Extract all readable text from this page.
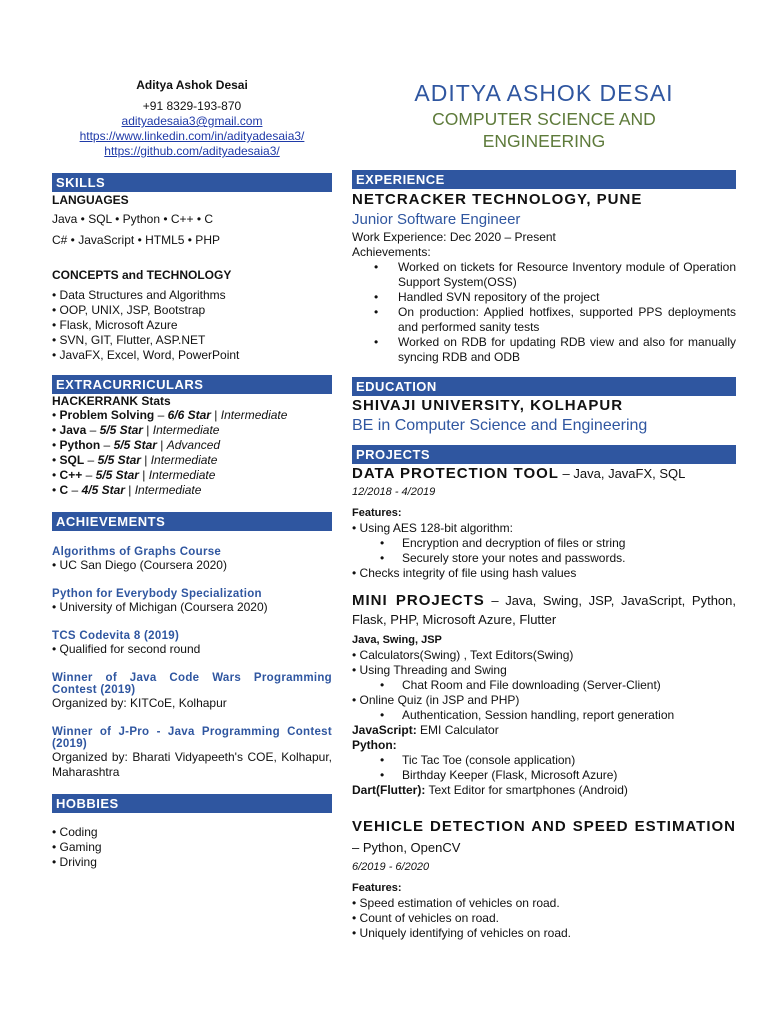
Aditya Ashok Desai
+91 8329-193-870
adityadesaia3@gmail.com
https://www.linkedin.com/in/adityadesaia3/
https://github.com/adityadesaia3/
SKILLS
LANGUAGES
Java • SQL • Python • C++ • C
C# • JavaScript • HTML5 • PHP
CONCEPTS and TECHNOLOGY
• Data Structures and Algorithms
• OOP, UNIX, JSP, Bootstrap
• Flask, Microsoft Azure
• SVN, GIT, Flutter, ASP.NET
• JavaFX, Excel, Word, PowerPoint
EXTRACURRICULARS
HACKERRANK Stats
• Problem Solving – 6/6 Star | Intermediate
• Java – 5/5 Star | Intermediate
• Python – 5/5 Star | Advanced
• SQL – 5/5 Star | Intermediate
• C++ – 5/5 Star | Intermediate
• C – 4/5 Star | Intermediate
ACHIEVEMENTS
Algorithms of Graphs Course
• UC San Diego (Coursera 2020)
Python for Everybody Specialization
• University of Michigan (Coursera 2020)
TCS Codevita 8 (2019)
• Qualified for second round
Winner of Java Code Wars Programming Contest (2019)
Organized by: KITCoE, Kolhapur
Winner of J-Pro - Java Programming Contest (2019)
Organized by: Bharati Vidyapeeth's COE, Kolhapur, Maharashtra
HOBBIES
• Coding
• Gaming
• Driving
ADITYA ASHOK DESAI
COMPUTER SCIENCE AND
ENGINEERING
EXPERIENCE
NETCRACKER TECHNOLOGY, PUNE
Junior Software Engineer
Work Experience: Dec 2020 – Present
Achievements:
• Worked on tickets for Resource Inventory module of Operation Support System(OSS)
• Handled SVN repository of the project
• On production: Applied hotfixes, supported PPS deployments and performed sanity tests
• Worked on RDB for updating RDB view and also for manually syncing RDB and ODB
EDUCATION
SHIVAJI UNIVERSITY, KOLHAPUR
BE in Computer Science and Engineering
PROJECTS
DATA PROTECTION TOOL – Java, JavaFX, SQL
12/2018 - 4/2019
Features:
• Using AES 128-bit algorithm:
• Encryption and decryption of files or string
• Securely store your notes and passwords.
• Checks integrity of file using hash values
MINI PROJECTS – Java, Swing, JSP, JavaScript, Python, Flask, PHP, Microsoft Azure, Flutter
Java, Swing, JSP
• Calculators(Swing) , Text Editors(Swing)
• Using Threading and Swing
• Chat Room and File downloading (Server-Client)
• Online Quiz (in JSP and PHP)
• Authentication, Session handling, report generation
JavaScript: EMI Calculator
Python:
• Tic Tac Toe (console application)
• Birthday Keeper (Flask, Microsoft Azure)
Dart(Flutter): Text Editor for smartphones (Android)
VEHICLE DETECTION AND SPEED ESTIMATION – Python, OpenCV
6/2019 - 6/2020
Features:
• Speed estimation of vehicles on road.
• Count of vehicles on road.
• Uniquely identifying of vehicles on road.
